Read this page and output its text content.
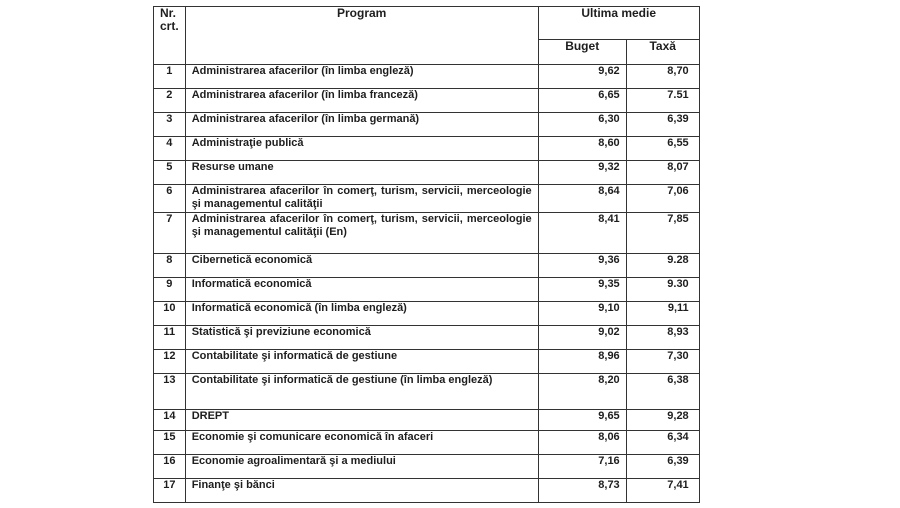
Nr.
crt.	Program	Ultima medie	
		Buget	Taxă
1	Administrarea afacerilor (în limba engleză)	9,62	8,70
2	Administrarea afacerilor (în limba franceză)	6,65	7.51
3	Administrarea afacerilor (în limba germană)	6,30	6,39
4	Administraţie publică	8,60	6,55
5	Resurse umane	9,32	8,07
6	Administrarea afacerilor în comerţ, turism, servicii, merceologie şi managementul calităţii	8,64	7,06
7	Administrarea afacerilor în comerţ, turism, servicii, merceologie şi managementul calităţii (En)	8,41	7,85
8	Cibernetică economică	9,36	9.28
9	Informatică economică	9,35	9.30
10	Informatică economică (în limba engleză)	9,10	9,11
11	Statistică şi previziune economică	9,02	8,93
12	Contabilitate şi informatică de gestiune	8,96	7,30
13	Contabilitate şi informatică de gestiune (în limba engleză)	8,20	6,38
14	DREPT	9,65	9,28
15	Economie şi comunicare economică în afaceri	8,06	6,34
16	Economie agroalimentară şi a mediului	7,16	6,39
17	Finanţe şi bănci	8,73	7,41
